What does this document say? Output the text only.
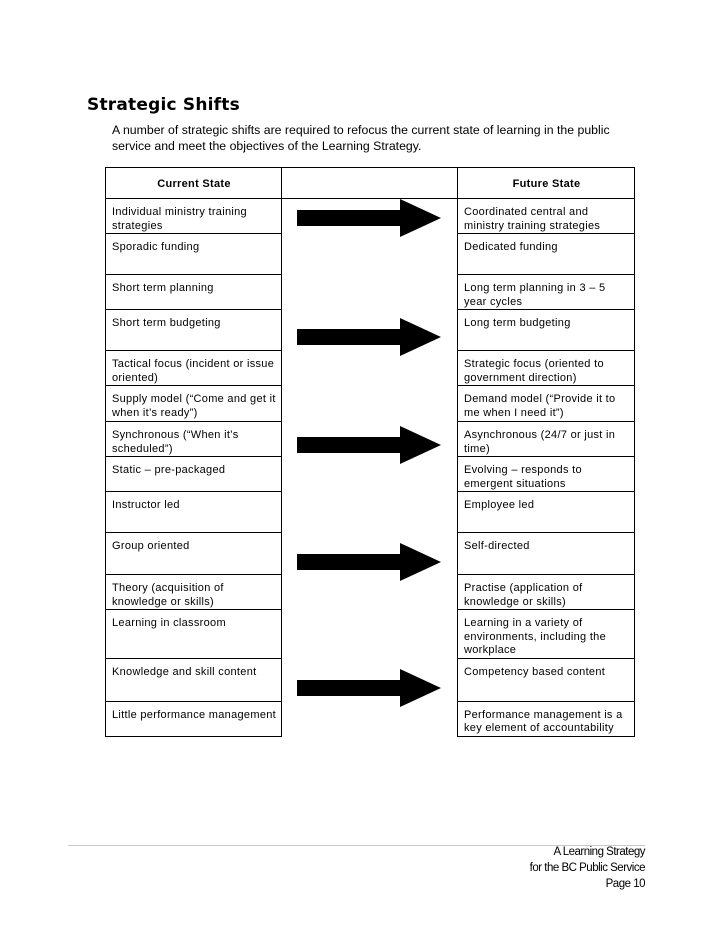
Strategic Shifts
A number of strategic shifts are required to refocus the current state of learning in the public service and meet the objectives of the Learning Strategy.
Current State		Future State
Individual ministry training strategies		Coordinated central and ministry training strategies
Sporadic funding		Dedicated funding
Short term planning		Long term planning in 3 – 5 year cycles
Short term budgeting		Long term budgeting
Tactical focus (incident or issue oriented)		Strategic focus (oriented to government direction)
Supply model (“Come and get it when it’s ready”)		Demand model (“Provide it to me when I need it”)
Synchronous (“When it’s scheduled”)		Asynchronous (24/7 or just in time)
Static – pre-packaged		Evolving – responds to emergent situations
Instructor led		Employee led
Group oriented		Self-directed
Theory (acquisition of knowledge or skills)		Practise (application of knowledge or skills)
Learning in classroom		Learning in a variety of environments, including the workplace
Knowledge and skill content		Competency based content
Little performance management		Performance management is a key element of accountability
A Learning Strategy
for the BC Public Service
Page 10
